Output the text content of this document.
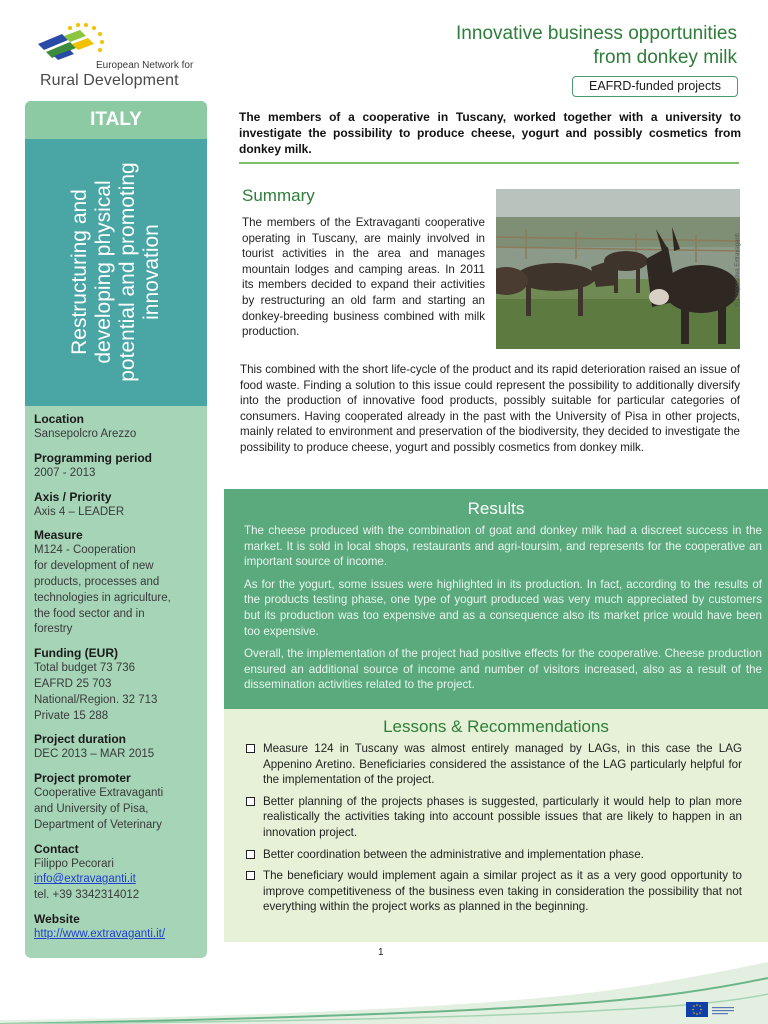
European Network for
Rural Development
Innovative business opportunities
from donkey milk
EAFRD-funded projects
ITALY
Restructuring and developing physical potential and promoting innovation
Location
Sansepolcro Arezzo
Programming period
2007 - 2013
Axis / Priority
Axis 4 – LEADER
Measure
M124 - Cooperation
for development of new
products, processes and
technologies in agriculture,
the food sector and in
forestry
Funding (EUR)
Total budget 73 736
EAFRD 25 703
National/Region. 32 713
Private 15 288
Project duration
DEC 2013 – MAR 2015
Project promoter
Cooperative Extravaganti
and University of Pisa,
Department of Veterinary
Contact
Filippo Pecorari
info@extravaganti.it
tel. +39 3342314012
Website
http://www.extravaganti.it/
The members of a cooperative in Tuscany, worked together with a university to investigate the possibility to produce cheese, yogurt and possibly cosmetics from donkey milk.
Summary
© Cooperativa Extravaganti
The members of the Extravaganti cooperative operating in Tuscany, are mainly involved in tourist activities in the area and manages mountain lodges and camping areas. In 2011 its members decided to expand their activities by restructuring an old farm and starting an donkey-breeding business combined with milk production.
This combined with the short life-cycle of the product and its rapid deterioration raised an issue of food waste. Finding a solution to this issue could represent the possibility to additionally diversify into the production of innovative food products, possibly suitable for particular categories of consumers. Having cooperated already in the past with the University of Pisa in other projects, mainly related to environment and preservation of the biodiversity, they decided to investigate the possibility to produce cheese, yogurt and possibly cosmetics from donkey milk.
Results

The cheese produced with the combination of goat and donkey milk had a discreet success in the market. It is sold in local shops, restaurants and agri-toursim, and represents for the cooperative an important source of income.

As for the yogurt, some issues were highlighted in its production. In fact, according to the results of the products testing phase, one type of yogurt produced was very much appreciated by customers but its production was too expensive and as a consequence also its market price would have been too expensive.

Overall, the implementation of the project had positive effects for the cooperative. Cheese production ensured an additional source of income and number of visitors increased, also as a result of the dissemination activities related to the project.

Lessons & Recommendations
Measure 124 in Tuscany was almost entirely managed by LAGs, in this case the LAG Appenino Aretino. Beneficiaries considered the assistance of the LAG particularly helpful for the implementation of the project.
Better planning of the projects phases is suggested, particularly it would help to plan more realistically the activities taking into account possible issues that are likely to happen in an innovation project.
Better coordination between the administrative and implementation phase.
The beneficiary would implement again a similar project as it as a very good opportunity to improve competitiveness of the business even taking in consideration the possibility that not everything within the project works as planned in the beginning.
1
